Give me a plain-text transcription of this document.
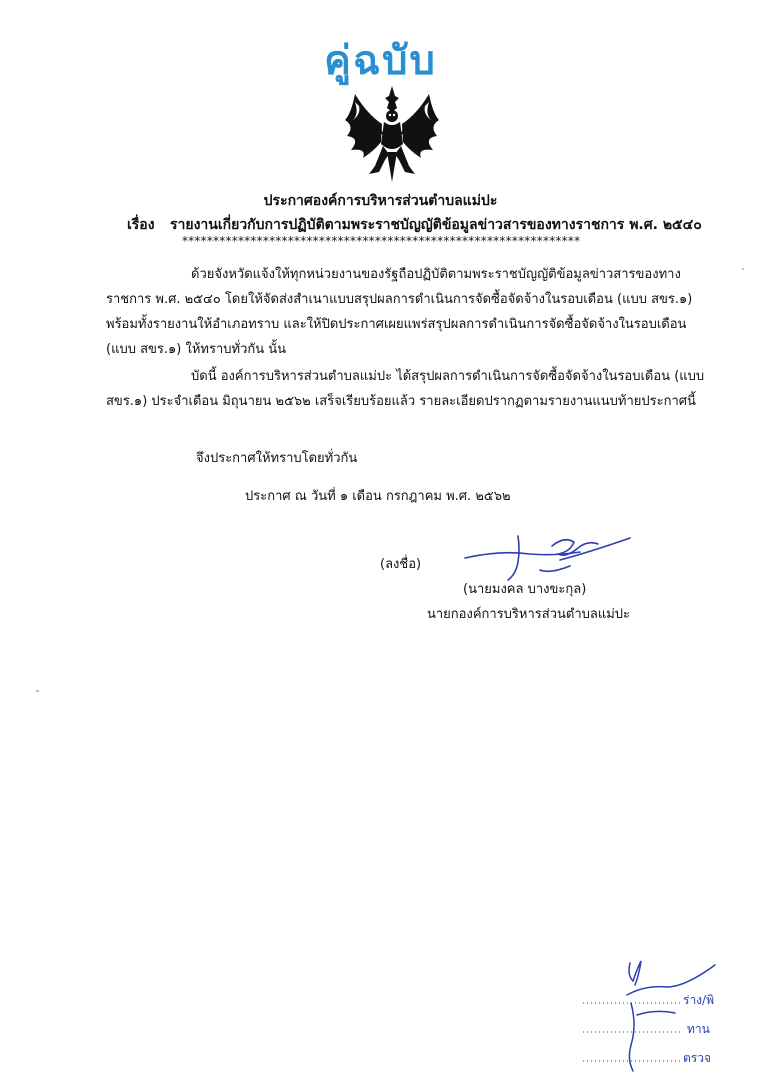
คู่ฉบับ
ประกาศองค์การบริหารส่วนตำบลแม่ปะ
เรื่อง รายงานเกี่ยวกับการปฏิบัติตามพระราชบัญญัติข้อมูลข่าวสารของทางราชการ พ.ศ. ๒๕๔๐
****************************************************************
ด้วยจังหวัดแจ้งให้ทุกหน่วยงานของรัฐถือปฏิบัติตามพระราชบัญญัติข้อมูลข่าวสารของทางราชการ พ.ศ. ๒๕๔๐ โดยให้จัดส่งสำเนาแบบสรุปผลการดำเนินการจัดซื้อจัดจ้างในรอบเดือน (แบบ สขร.๑) พร้อมทั้งรายงานให้อำเภอทราบ และให้ปิดประกาศเผยแพร่สรุปผลการดำเนินการจัดซื้อจัดจ้างในรอบเดือน (แบบ สขร.๑) ให้ทราบทั่วกัน นั้น
บัดนี้ องค์การบริหารส่วนตำบลแม่ปะ ได้สรุปผลการดำเนินการจัดซื้อจัดจ้างในรอบเดือน (แบบ สขร.๑) ประจำเดือน มิถุนายน ๒๕๖๒ เสร็จเรียบร้อยแล้ว รายละเอียดปรากฏตามรายงานแนบท้ายประกาศนี้
จึงประกาศให้ทราบโดยทั่วกัน
ประกาศ ณ วันที่ ๑ เดือน กรกฎาคม พ.ศ. ๒๕๖๒
(ลงชื่อ)
(นายมงคล บางขะกุล)
นายกองค์การบริหารส่วนตำบลแม่ปะ
ร่าง/พิ
ทาน
ตรวจ
